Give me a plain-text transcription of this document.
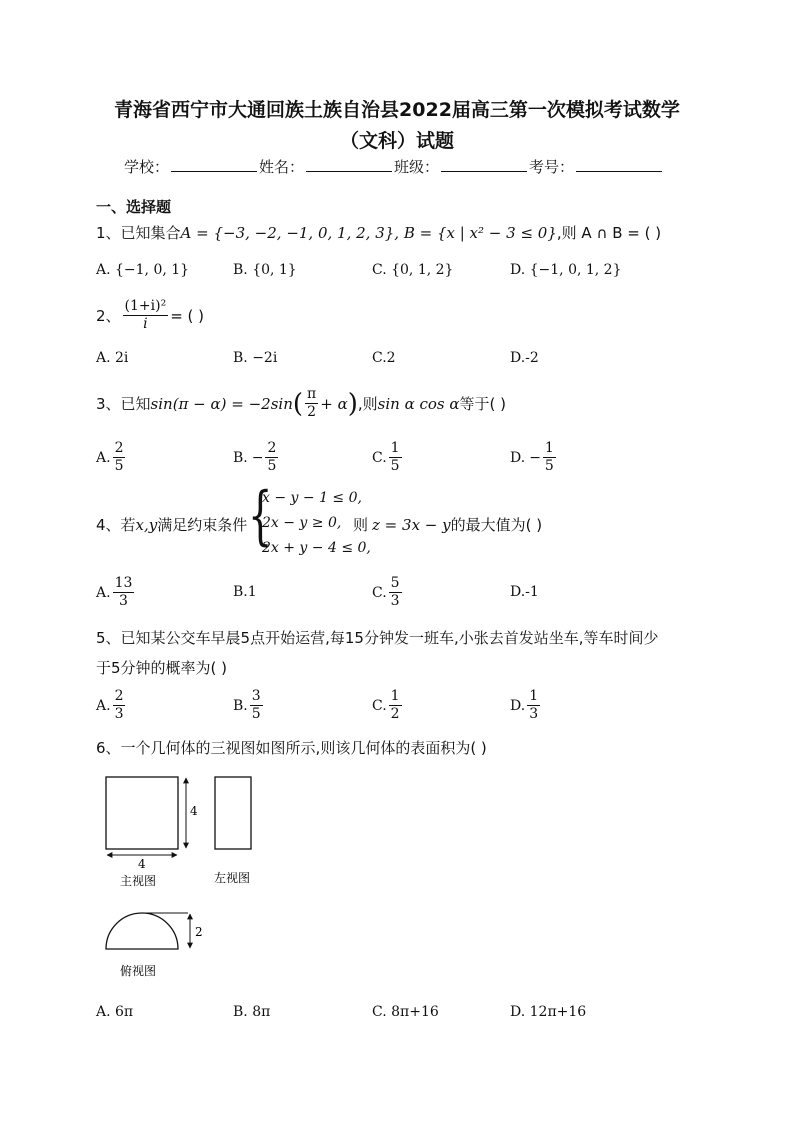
青海省西宁市大通回族土族自治县2022届高三第一次模拟考试数学
（文科）试题
学校：	姓名：	班级：	考号：
一、选择题
1、已知集合A = {−3, −2, −1, 0, 1, 2, 3}, B = {x | x² − 3 ≤ 0},则 A ∩ B = ( )
A. {−1, 0, 1}	B. {0, 1}	C. {0, 1, 2}	D. {−1, 0, 1, 2}
2、 $\frac{\text{(1+i)²}}{i}$ = ( )
A. 2i	B. −2i	C.2	D.-2
3、已知 sin(π − α) = −2sin ( $\frac{\pi}{2} + \alpha$ ) ,则 sin α cos α 等于( )
A. $\frac{2}{5}$	B. − $\frac{2}{5}$	C. $\frac{1}{5}$	D. − $\frac{1}{5}$
4、若x,y满足约束条件 {
x − y − 1 ≤ 0,
2x − y ≥ 0,
2x + y − 4 ≤ 0,
则 z = 3x − y的最大值为( )
A. $\frac{13}{3}$	B.1	C. $\frac{5}{3}$	D.-1
5、已知某公交车早晨5点开始运营,每15分钟发一班车,小张去首发站坐车,等车时间少
于5分钟的概率为( )
A. $\frac{2}{3}$	B. $\frac{3}{5}$	C. $\frac{1}{2}$	D. $\frac{1}{3}$
6、一个几何体的三视图如图所示,则该几何体的表面积为( )
4
4
主视图	左视图
2
俯视图
A. 6π	B. 8π	C. 8π+16	D. 12π+16
